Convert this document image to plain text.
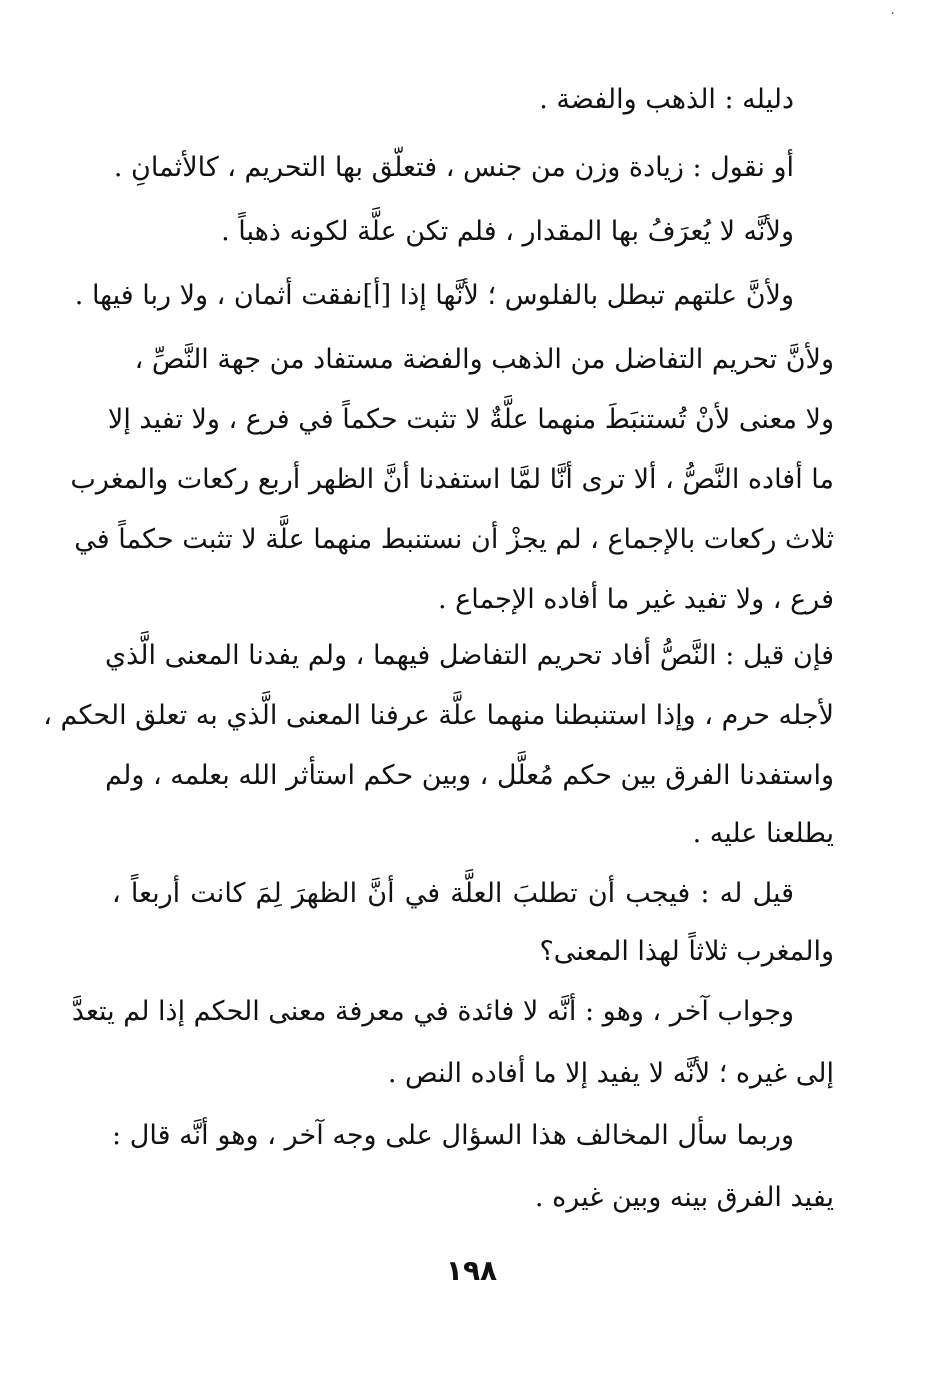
·
دليله : الذهب والفضة .
أو نقول : زيادة وزن من جنس ، فتعلّق بها التحريم ، كالأثمانِ .
ولأنَّه لا يُعرَفُ بها المقدار ، فلم تكن علَّة لكونه ذهباً .
ولأنَّ علتهم تبطل بالفلوس ؛ لأنَّها إذا [أ]نفقت أثمان ، ولا ربا فيها .
ولأنَّ تحريم التفاضل من الذهب والفضة مستفاد من جهة النَّصِّ ،
ولا معنى لأنْ تُستنبَطَ منهما علَّةٌ لا تثبت حكماً في فرع ، ولا تفيد إلا
ما أفاده النَّصُّ ، ألا ترى أنَّا لمَّا استفدنا أنَّ الظهر أربع ركعات والمغرب
ثلاث ركعات بالإجماع ، لم يجزْ أن نستنبط منهما علَّة لا تثبت حكماً في
فرع ، ولا تفيد غير ما أفاده الإجماع .
فإن قيل : النَّصُّ أفاد تحريم التفاضل فيهما ، ولم يفدنا المعنى الَّذي
لأجله حرم ، وإذا استنبطنا منهما علَّة عرفنا المعنى الَّذي به تعلق الحكم ،
واستفدنا الفرق بين حكم مُعلَّل ، وبين حكم استأثر الله بعلمه ، ولم
يطلعنا عليه .
قيل له : فيجب أن تطلبَ العلَّة في أنَّ الظهرَ لِمَ كانت أربعاً ،
والمغرب ثلاثاً لهذا المعنى؟
وجواب آخر ، وهو : أنَّه لا فائدة في معرفة معنى الحكم إذا لم يتعدَّ
إلى غيره ؛ لأنَّه لا يفيد إلا ما أفاده النص .
وربما سأل المخالف هذا السؤال على وجه آخر ، وهو أنَّه قال :
يفيد الفرق بينه وبين غيره .
١٩٨
